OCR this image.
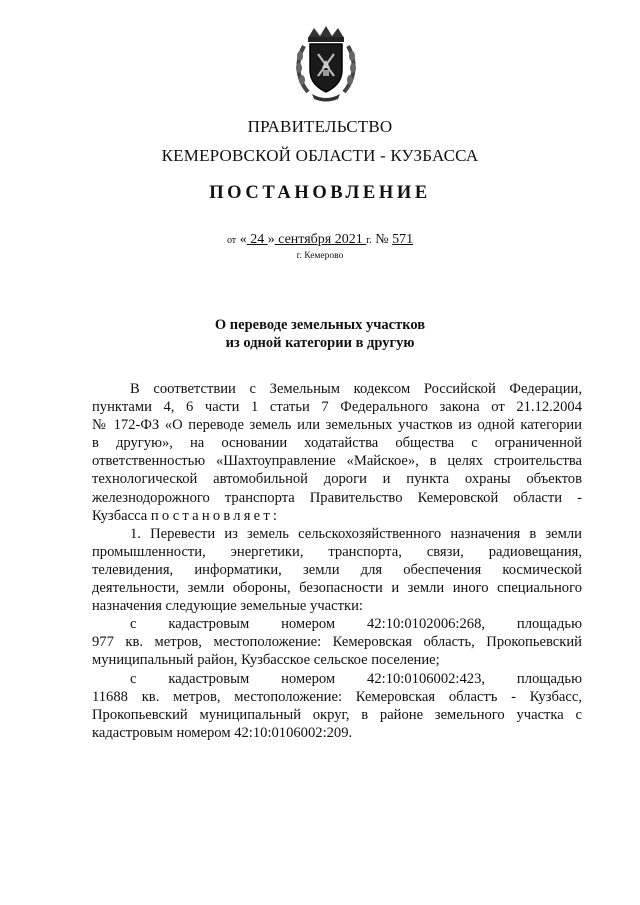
ПРАВИТЕЛЬСТВО
КЕМЕРОВСКОЙ ОБЛАСТИ - КУЗБАССА
ПОСТАНОВЛЕНИЕ
от « 24 » сентября 2021 г. № 571
г. Кемерово
О переводе земельных участков
из одной категории в другую

В соответствии с Земельным кодексом Российской Федерации,
пунктами 4, 6 части 1 статьи 7 Федерального закона от 21.12.2004
№ 172-ФЗ «О переводе земель или земельных участков из одной категории
в другую», на основании ходатайства общества с ограниченной
ответственностью «Шахтоуправление «Майское», в целях строительства
технологической автомобильной дороги и пункта охраны объектов
железнодорожного транспорта Правительство Кемеровской области -
Кузбасса постановляет:

1. Перевести из земель сельскохозяйственного назначения в земли
промышленности, энергетики, транспорта, связи, радиовещания,
телевидения, информатики, земли для обеспечения космической
деятельности, земли обороны, безопасности и земли иного специального
назначения следующие земельные участки:

с кадастровым номером 42:10:0102006:268, площадью
977 кв. метров, местоположение: Кемеровская область, Прокопьевский
муниципальный район, Кузбасское сельское поселение;

с кадастровым номером 42:10:0106002:423, площадью
11688 кв. метров, местоположение: Кемеровская областъ - Кузбасс,
Прокопьевский муниципальный округ, в районе земельного участка с
кадастровым номером 42:10:0106002:209.
